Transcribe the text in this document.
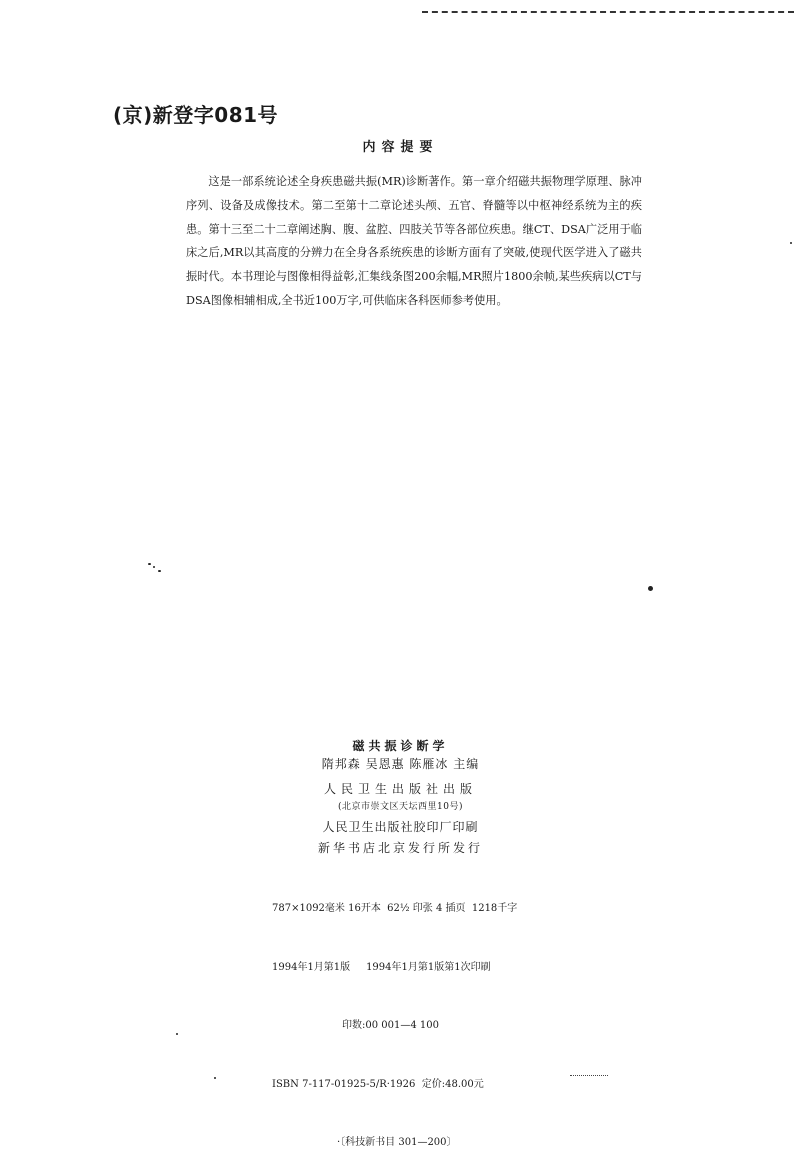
(京)新登字081号
内容提要

这是一部系统论述全身疾患磁共振(MR)诊断著作。第一章介绍磁共振物理学原理、脉冲序列、设备及成像技术。第二至第十二章论述头颅、五官、脊髓等以中枢神经系统为主的疾患。第十三至二十二章阐述胸、腹、盆腔、四肢关节等各部位疾患。继CT、DSA广泛用于临床之后,MR以其高度的分辨力在全身各系统疾患的诊断方面有了突破,使现代医学进入了磁共振时代。本书理论与图像相得益彰,汇集线条图200余幅,MR照片1800余帧,某些疾病以CT与DSA图像相辅相成,全书近100万字,可供临床各科医师参考使用。

磁共振诊断学
隋邦森 吴恩惠 陈雁冰 主编
人民卫生出版社出版
(北京市崇文区天坛西里10号)
人民卫生出版社胶印厂印刷
新华书店北京发行所发行

787×1092毫米 16开本  62½ 印张 4 插页  1218千字

1994年1月第1版     1994年1月第1版第1次印刷

印数:00 001—4 100

ISBN 7-117-01925-5/R·1926  定价:48.00元

·〔科技新书目 301—200〕
